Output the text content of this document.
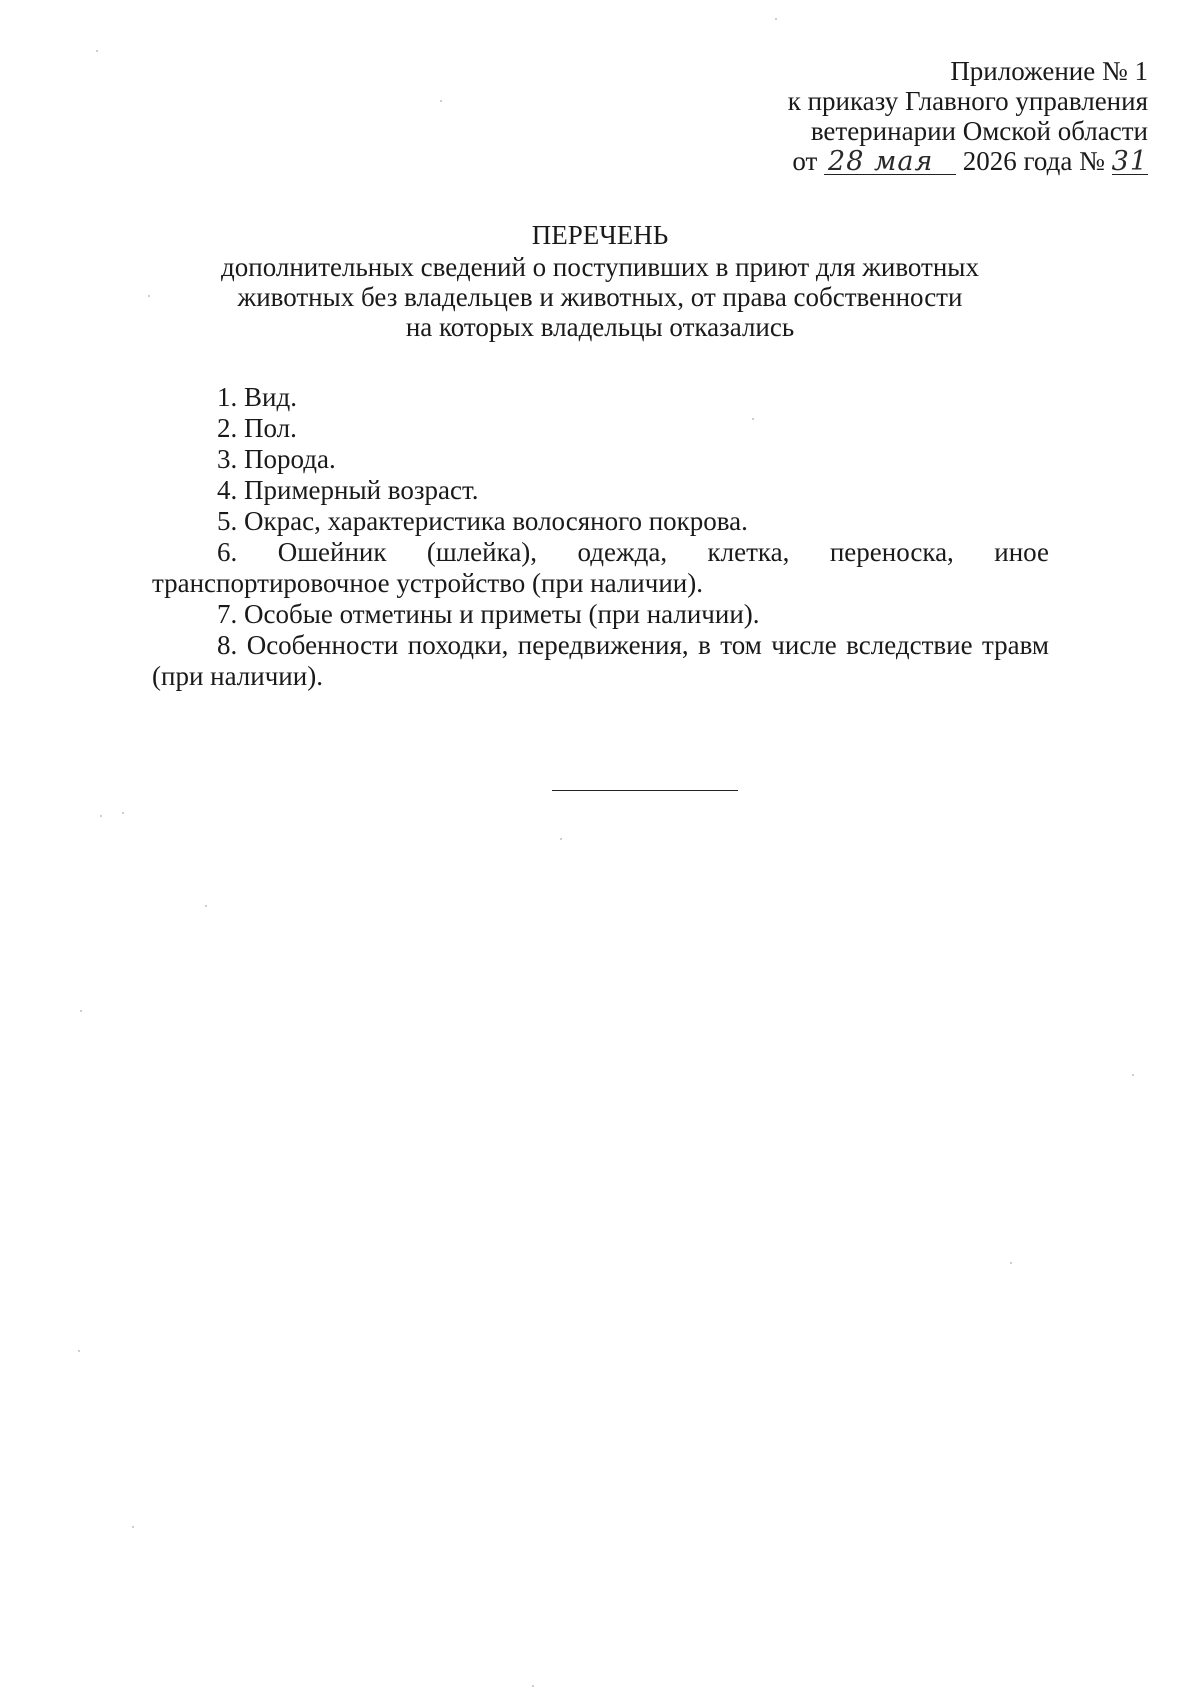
Приложение № 1
к приказу Главного управления
ветеринарии Омской области
от 28 мая 2026 года № 31
ПЕРЕЧЕНЬ
дополнительных сведений о поступивших в приют для животных
животных без владельцев и животных, от права собственности
на которых владельцы отказались

1. Вид.

2. Пол.

3. Порода.

4. Примерный возраст.

5. Окрас, характеристика волосяного покрова.

6. Ошейник (шлейка), одежда, клетка, переноска, иное транспортировочное устройство (при наличии).

7. Особые отметины и приметы (при наличии).

8. Особенности походки, передвижения, в том числе вследствие травм (при наличии).
